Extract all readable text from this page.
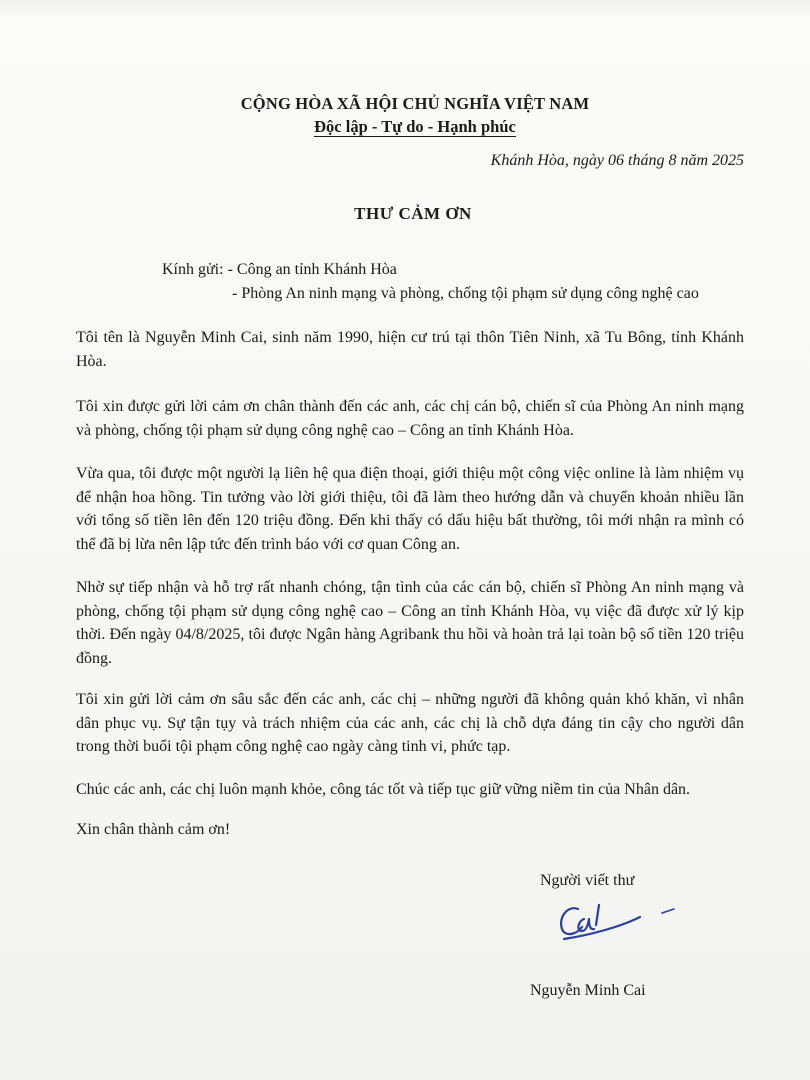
CỘNG HÒA XÃ HỘI CHỦ NGHĨA VIỆT NAM
Độc lập - Tự do - Hạnh phúc
Khánh Hòa, ngày 06 tháng 8 năm 2025
THƯ CẢM ƠN
Kính gửi: - Công an tỉnh Khánh Hòa
- Phòng An ninh mạng và phòng, chống tội phạm sử dụng công nghệ cao
Tôi tên là Nguyễn Minh Cai, sinh năm 1990, hiện cư trú tại thôn Tiên Ninh, xã Tu Bông, tỉnh Khánh Hòa.
Tôi xin được gửi lời cảm ơn chân thành đến các anh, các chị cán bộ, chiến sĩ của Phòng An ninh mạng và phòng, chống tội phạm sử dụng công nghệ cao – Công an tỉnh Khánh Hòa.
Vừa qua, tôi được một người lạ liên hệ qua điện thoại, giới thiệu một công việc online là làm nhiệm vụ để nhận hoa hồng. Tin tưởng vào lời giới thiệu, tôi đã làm theo hướng dẫn và chuyển khoản nhiều lần với tổng số tiền lên đến 120 triệu đồng. Đến khi thấy có dấu hiệu bất thường, tôi mới nhận ra mình có thể đã bị lừa nên lập tức đến trình báo với cơ quan Công an.
Nhờ sự tiếp nhận và hỗ trợ rất nhanh chóng, tận tình của các cán bộ, chiến sĩ Phòng An ninh mạng và phòng, chống tội phạm sử dụng công nghệ cao – Công an tỉnh Khánh Hòa, vụ việc đã được xử lý kịp thời. Đến ngày 04/8/2025, tôi được Ngân hàng Agribank thu hồi và hoàn trả lại toàn bộ số tiền 120 triệu đồng.
Tôi xin gửi lời cảm ơn sâu sắc đến các anh, các chị – những người đã không quản khó khăn, vì nhân dân phục vụ. Sự tận tụy và trách nhiệm của các anh, các chị là chỗ dựa đáng tin cậy cho người dân trong thời buổi tội phạm công nghệ cao ngày càng tinh vi, phức tạp.
Chúc các anh, các chị luôn mạnh khỏe, công tác tốt và tiếp tục giữ vững niềm tin của Nhân dân.
Xin chân thành cảm ơn!
Người viết thư
Nguyễn Minh Cai
